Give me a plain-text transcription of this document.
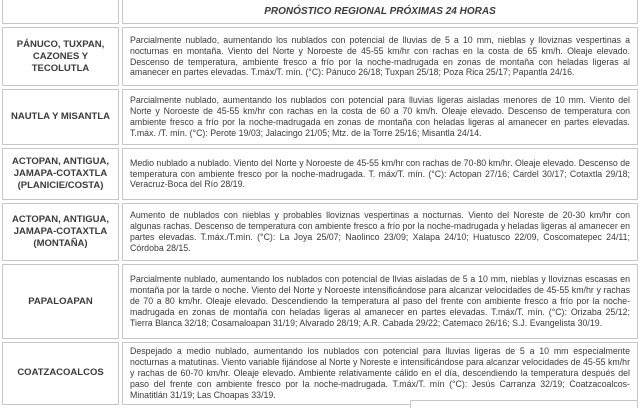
PRONÓSTICO REGIONAL PRÓXIMAS 24 HORAS
PÁNUCO, TUXPAN, CAZONES Y TECOLUTLA
Parcialmente nublado, aumentando los nublados con potencial de lluvias de 5 a 10 mm, nieblas y lloviznas vespertinas a nocturnas en montaña. Viento del Norte y Noroeste de 45-55 km/hr con rachas en la costa de 65 km/h. Oleaje elevado. Descenso de temperatura, ambiente fresco a frío por la noche-madrugada en zonas de montaña con heladas ligeras al amanecer en partes elevadas. T.máx/T. mín. (°C): Pánuco 26/18; Tuxpan 25/18; Poza Rica 25/17; Papantla 24/16.
NAUTLA Y MISANTLA
Parcialmente nublado, aumentando los nublados con potencial para lluvias ligeras aisladas menores de 10 mm. Viento del Norte y Noroeste de 45-55 km/hr con rachas en la costa de 60 a 70 km/h. Oleaje elevado. Descenso de temperatura con ambiente fresco a frío por la noche-madrugada en zonas de montaña con heladas ligeras al amanecer en partes elevadas. T.máx. /T. mín. (°C): Perote 19/03; Jalacingo 21/05; Mtz. de la Torre 25/16; Misantla 24/14.
ACTOPAN, ANTIGUA, JAMAPA-COTAXTLA (PLANICIE/COSTA)
Medio nublado a nublado. Viento del Norte y Noroeste de 45-55 km/hr con rachas de 70-80 km/hr. Oleaje elevado. Descenso de temperatura con ambiente fresco por la noche-madrugada. T. máx/T. mín. (°C): Actopan 27/16; Cardel 30/17; Cotaxtla 29/18; Veracruz-Boca del Río 28/19.
ACTOPAN, ANTIGUA, JAMAPA-COTAXTLA (MONTAÑA)
Aumento de nublados con nieblas y probables lloviznas vespertinas a nocturnas. Viento del Noreste de 20-30 km/hr con algunas rachas. Descenso de temperatura con ambiente fresco a frío por la noche-madrugada y heladas ligeras al amanecer en partes elevadas. T.máx./T.mín. (°C): La Joya 25/07; Naolinco 23/09; Xalapa 24/10; Huatusco 22/09, Coscomatepec 24/11; Córdoba 28/15.
PAPALOAPAN
Parcialmente nublado, aumentando los nublados con potencial de llvias aisladas de 5 a 10 mm, nieblas y lloviznas escasas en montaña por la tarde o noche. Viento del Norte y Noroeste intensificándose para alcanzar velocidades de 45-55 km/hr y rachas de 70 a 80 km/hr. Oleaje elevado. Descendiendo la temperatura al paso del frente con ambiente fresco a frío por la noche-madrugada en zonas de montaña con heladas ligeras al amanecer en partes elevadas. T.máx/T. mín. (°C): Orizaba 25/12; Tierra Blanca 32/18; Cosamaloapan 31/19; Alvarado 28/19; A.R. Cabada 29/22; Catemaco 26/16; S.J. Evangelista 30/19.
COATZACOALCOS
Despejado a medio nublado, aumentando los nublados con potencial para lluvias ligeras de 5 a 10 mm especialmente nocturnas a matutinas. Viento variable fijándose al Norte y Noreste e intensificándose para alcanzar velocidades de 45-55 km/hr y rachas de 60-70 km/hr. Oleaje elevado. Ambiente relativamente cálido en el día, descendiendo la temperatura después del paso del frente con ambiente fresco por la noche-madrugada. T.máx/T. mín (°C): Jesús Carranza 32/19; Coatzacoalcos-Minatitlán 31/19; Las Choapas 33/19.
